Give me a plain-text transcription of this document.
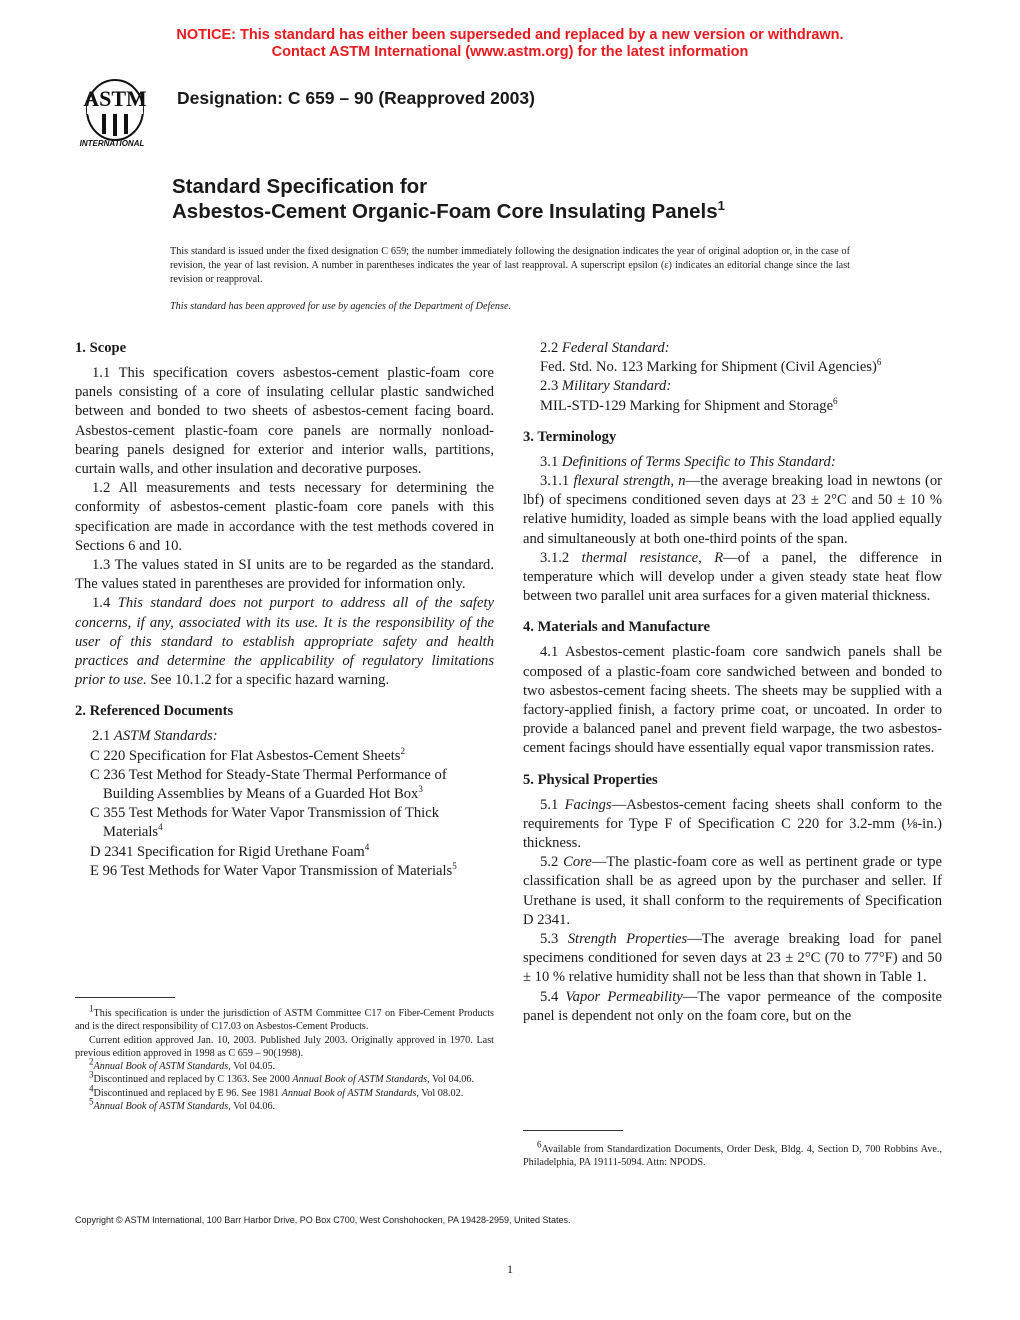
NOTICE: This standard has either been superseded and replaced by a new version or withdrawn.
Contact ASTM International (www.astm.org) for the latest information
ASTM
INTERNATIONAL
Designation: C 659 – 90 (Reapproved 2003)
Standard Specification for
Asbestos-Cement Organic-Foam Core Insulating Panels$^1$
This standard is issued under the fixed designation C 659; the number immediately following the designation indicates the year of original adoption or, in the case of revision, the year of last revision. A number in parentheses indicates the year of last reapproval. A superscript epsilon (ε) indicates an editorial change since the last revision or reapproval.
This standard has been approved for use by agencies of the Department of Defense.
1. Scope

1.1 This specification covers asbestos-cement plastic-foam core panels consisting of a core of insulating cellular plastic sandwiched between and bonded to two sheets of asbestos-cement facing board. Asbestos-cement plastic-foam core panels are normally nonload-bearing panels designed for exterior and interior walls, partitions, curtain walls, and other insulation and decorative purposes.

1.2 All measurements and tests necessary for determining the conformity of asbestos-cement plastic-foam core panels with this specification are made in accordance with the test methods covered in Sections 6 and 10.

1.3 The values stated in SI units are to be regarded as the standard. The values stated in parentheses are provided for information only.

1.4 This standard does not purport to address all of the safety concerns, if any, associated with its use. It is the responsibility of the user of this standard to establish appropriate safety and health practices and determine the applicability of regulatory limitations prior to use. See 10.1.2 for a specific hazard warning.

2. Referenced Documents

2.1 ASTM Standards:

C 220 Specification for Flat Asbestos-Cement Sheets$^2$

C 236 Test Method for Steady-State Thermal Performance of Building Assemblies by Means of a Guarded Hot Box$^3$

C 355 Test Methods for Water Vapor Transmission of Thick Materials$^4$

D 2341 Specification for Rigid Urethane Foam$^4$

E 96 Test Methods for Water Vapor Transmission of Materials$^5$

$^1$This specification is under the jurisdiction of ASTM Committee C17 on Fiber-Cement Products and is the direct responsibility of C17.03 on Asbestos-Cement Products.

Current edition approved Jan. 10, 2003. Published July 2003. Originally approved in 1970. Last previous edition approved in 1998 as C 659 – 90(1998).

$^2$Annual Book of ASTM Standards, Vol 04.05.

$^3$Discontinued and replaced by C 1363. See 2000 Annual Book of ASTM Standards, Vol 04.06.

$^4$Discontinued and replaced by E 96. See 1981 Annual Book of ASTM Standards, Vol 08.02.

$^5$Annual Book of ASTM Standards, Vol 04.06.

2.2 Federal Standard:

Fed. Std. No. 123 Marking for Shipment (Civil Agencies)$^6$

2.3 Military Standard:

MIL-STD-129 Marking for Shipment and Storage$^6$

3. Terminology

3.1 Definitions of Terms Specific to This Standard:

3.1.1 flexural strength, n—the average breaking load in newtons (or lbf) of specimens conditioned seven days at 23 ± 2°C and 50 ± 10 % relative humidity, loaded as simple beans with the load applied equally and simultaneously at both one-third points of the span.

3.1.2 thermal resistance, R—of a panel, the difference in temperature which will develop under a given steady state heat flow between two parallel unit area surfaces for a given material thickness.

4. Materials and Manufacture

4.1 Asbestos-cement plastic-foam core sandwich panels shall be composed of a plastic-foam core sandwiched between and bonded to two asbestos-cement facing sheets. The sheets may be supplied with a factory-applied finish, a factory prime coat, or uncoated. In order to provide a balanced panel and prevent field warpage, the two asbestos-cement facings should have essentially equal vapor transmission rates.

5. Physical Properties

5.1 Facings—Asbestos-cement facing sheets shall conform to the requirements for Type F of Specification C 220 for 3.2-mm (⅛-in.) thickness.

5.2 Core—The plastic-foam core as well as pertinent grade or type classification shall be as agreed upon by the purchaser and seller. If Urethane is used, it shall conform to the requirements of Specification D 2341.

5.3 Strength Properties—The average breaking load for panel specimens conditioned for seven days at 23 ± 2°C (70 to 77°F) and 50 ± 10 % relative humidity shall not be less than that shown in Table 1.

5.4 Vapor Permeability—The vapor permeance of the composite panel is dependent not only on the foam core, but on the

$^6$Available from Standardization Documents, Order Desk, Bldg. 4, Section D, 700 Robbins Ave., Philadelphia, PA 19111-5094. Attn: NPODS.

Copyright © ASTM International, 100 Barr Harbor Drive, PO Box C700, West Conshohocken, PA 19428-2959, United States.
1
